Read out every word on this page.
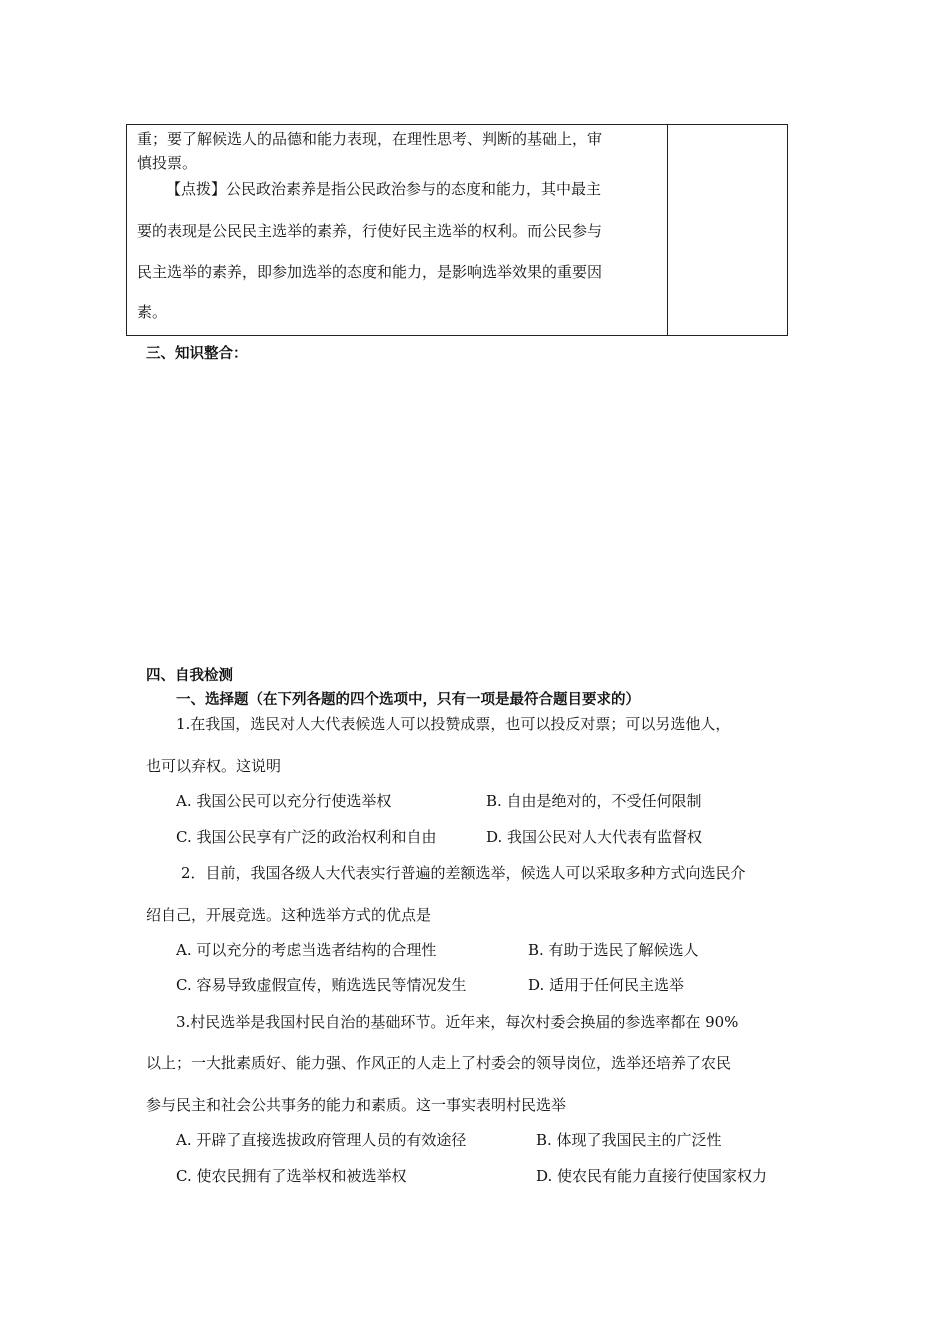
重；要了解候选人的品德和能力表现，在理性思考、判断的基础上，审
慎投票。
【点拨】公民政治素养是指公民政治参与的态度和能力，其中最主
要的表现是公民民主选举的素养，行使好民主选举的权利。而公民参与
民主选举的素养，即参加选举的态度和能力，是影响选举效果的重要因
素。
三、知识整合：
四、自我检测
一、选择题（在下列各题的四个选项中，只有一项是最符合题目要求的）
1.在我国，选民对人大代表候选人可以投赞成票，也可以投反对票；可以另选他人，
也可以弃权。这说明
A. 我国公民可以充分行使选举权	B. 自由是绝对的，不受任何限制
C. 我国公民享有广泛的政治权利和自由	D. 我国公民对人大代表有监督权
2．目前，我国各级人大代表实行普遍的差额选举，候选人可以采取多种方式向选民介
绍自己，开展竞选。这种选举方式的优点是
A. 可以充分的考虑当选者结构的合理性	B. 有助于选民了解候选人
C. 容易导致虚假宣传，贿选选民等情况发生	D. 适用于任何民主选举
3.村民选举是我国村民自治的基础环节。近年来，每次村委会换届的参选率都在 90%
以上；一大批素质好、能力强、作风正的人走上了村委会的领导岗位，选举还培养了农民
参与民主和社会公共事务的能力和素质。这一事实表明村民选举
A. 开辟了直接选拔政府管理人员的有效途径	B. 体现了我国民主的广泛性
C. 使农民拥有了选举权和被选举权	D. 使农民有能力直接行使国家权力
